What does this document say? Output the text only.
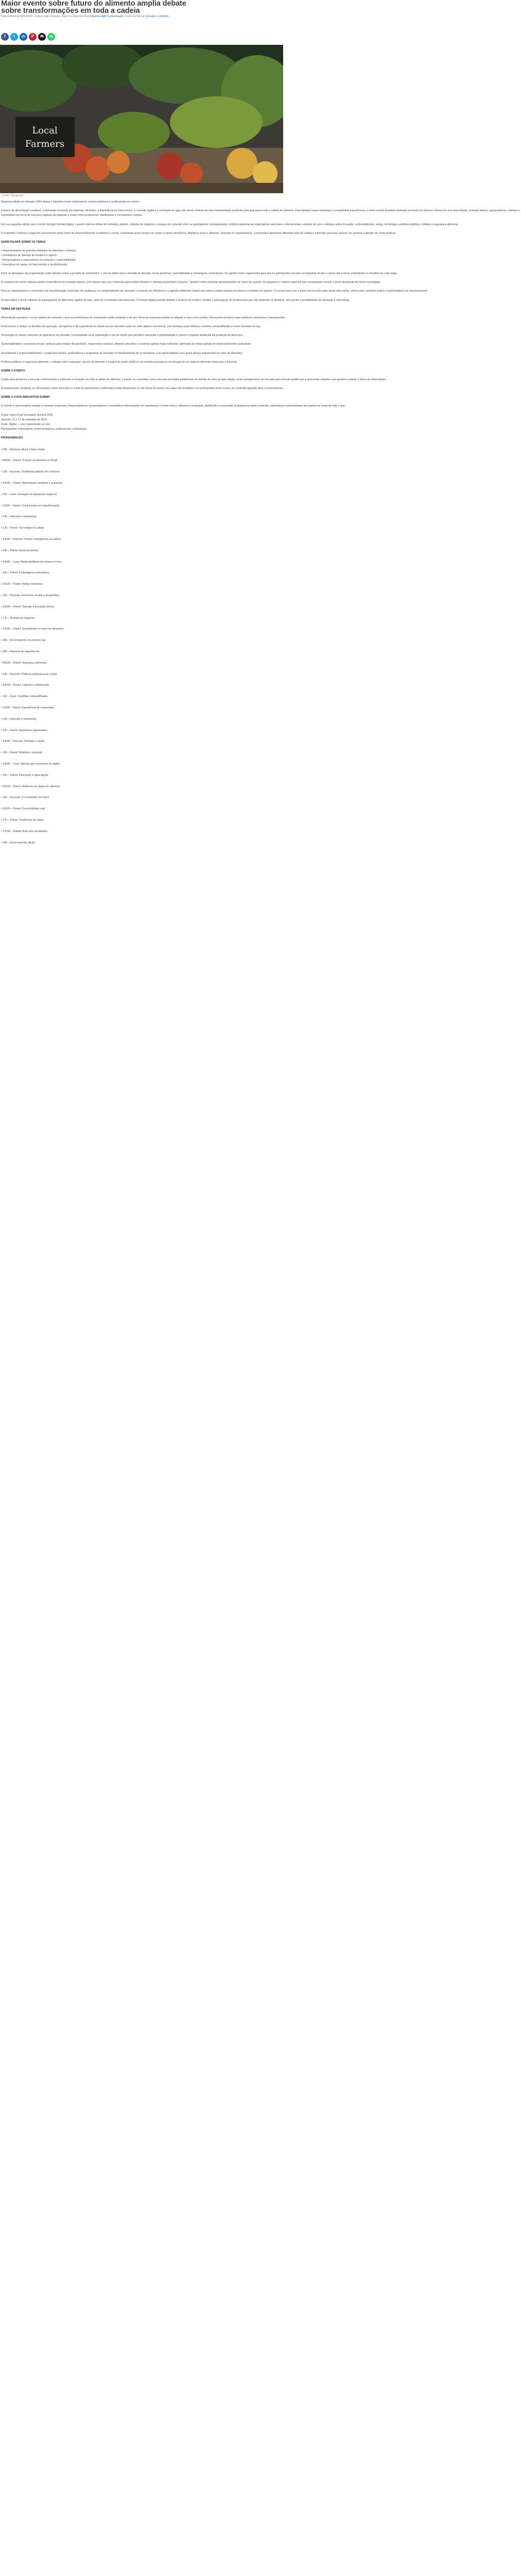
Maior evento sobre futuro do alimento amplia debate
sobre transformações em toda a cadeia
Data da Notícia 28/03/2024 • Sobre o Agro Notícias • Autor de Imprensa Mais Imprensa Agro Comunicação • Fonte da Notícia Consulte o conteúdo
f t in P ✉ w
Local
Farmers
Crédito: Divulgação

Segunda edição em formato 100% digital e interativo reúne empresários, empreendedores e profissionais em evento.

A busca de alimentação saudável, a demanda crescente por sistemas eficientes, a importância do food service, a conexão digital e a revolução do agro são temas centrais de uma transformação profunda pela qual passa toda a cadeia do alimento. Para debater essas mudanças e compartilhar experiências, o maior evento brasileiro dedicado ao futuro do alimento retorna em sua nova edição, reunindo líderes, pesquisadores, startups e investidores em torno de soluções capazes de impactar o modo como produzimos, distribuímos e consumimos comida.

Em sua segunda edição com o recém lançado formato digital, o evento oferece trilhas de conteúdo, painéis, rodadas de negócios e espaços de conexão entre os participantes. A programação combina palestras de especialistas nacionais e internacionais, estudos de caso e debates sobre inovação, sustentabilidade, varejo, tecnologia e políticas públicas voltadas à segurança alimentar.

O propósito é reforçar o papel do ecossistema como motor de desenvolvimento econômico e social, conectando quem produz no campo a quem transforma, distribui e serve o alimento. Segundo os organizadores, a proposta é aproximar diferentes elos da cadeia e estimular parcerias capazes de acelerar a adoção de novas práticas.

QUEM FALARÁ SOBRE OS TEMAS
• Representantes de grandes indústrias de alimentos e bebidas
• Fundadores de startups de foodtech e agtech
• Pesquisadores e especialistas em nutrição e sustentabilidade
• Executivos do varejo, do food service e da distribuição

Entre os destaques da programação estão debates sobre a jornada do consumidor, o uso de dados para a tomada de decisão, novas proteínas, rastreabilidade e embalagens sustentáveis. Os painéis foram organizados para que os participantes possam acompanhar desde o campo até a mesa, entendendo os desafios de cada etapa.

A curadoria do evento destaca ainda a importância da inovação aberta, com espaço para que empresas apresentem desafios e startups proponham soluções. Também estão previstas apresentações de cases de sucesso de pequenos e médios negócios que conseguiram crescer a partir da adoção de novas tecnologias.

Para os organizadores, o momento é de transformação acelerada. As mudanças no comportamento de consumo, a pressão por eficiência e a agenda ambiental exigem que toda a cadeia repense processos e modelos de negócio. O evento busca ser o ponto de encontro para essas discussões, oferecendo conteúdo prático e oportunidades de relacionamento.

A expectativa é reunir milhares de participantes de diferentes regiões do país, além de convidados internacionais. O formato digital permite ampliar o alcance do evento e facilitar a participação de profissionais que não poderiam se deslocar, sem perder a possibilidade de interação e networking.

TEMAS EM DESTAQUE

Alimentação saudável e novos hábitos de consumo: como as preferências do consumidor estão mudando e de que forma as empresas podem se adaptar a esse novo cenário, oferecendo produtos mais nutritivos, acessíveis e transparentes.

Food service e varejo: os desafios da operação, da logística e da experiência do cliente em um mercado cada vez mais digital e omnicanal, com destaque para delivery, cozinhas compartilhadas e novos formatos de loja.

Tecnologia no campo: soluções de agricultura de precisão, conectividade rural, automação e uso de dados que permitem aumentar a produtividade e reduzir o impacto ambiental da produção de alimentos.

Sustentabilidade e economia circular: práticas para reduzir desperdícios, reaproveitar resíduos, diminuir emissões e construir cadeias mais resilientes, alinhadas às metas globais de desenvolvimento sustentável.

Investimento e empreendedorismo: o papel dos fundos, aceleradoras e programas de inovação no fortalecimento do ecossistema, e as oportunidades para quem deseja empreender no setor de alimentos.

Políticas públicas e segurança alimentar: o debate sobre regulação, acesso ao alimento e o papel do poder público e da iniciativa privada na construção de um sistema alimentar mais justo e eficiente.

SOBRE O EVENTO

Criado para promover a troca de conhecimento e estimular a inovação em toda a cadeia do alimento, o evento se consolidou como uma das principais plataformas de debate do setor. A cada edição, reúne protagonistas do mercado para discutir tendências e apresentar soluções que ajudam a moldar o futuro da alimentação.

A programação completa, as informações sobre inscrições e a lista de palestrantes confirmados estão disponíveis no site oficial do evento. As vagas são limitadas e os participantes terão acesso ao conteúdo gravado após o encerramento.

SOBRE O FOOD INNOVATION SUMMIT

O evento é uma iniciativa voltada a conectar empresas, empreendedores, pesquisadores e investidores interessados em transformar a forma como o alimento é produzido, distribuído e consumido. A plataforma reúne conteúdo, networking e oportunidades de negócio ao longo de todo o ano.

O quê: Open Food Innovation Summit 2024
Quando: 16 e 17 de setembro de 2024
Onde: Digital — com transmissão ao vivo
Participantes: empresários, empreendedores, profissionais e estudantes
PROGRAMAÇÃO
• 09h – Abertura oficial e boas-vindas
• 09h30 – Painel: O futuro do alimento no Brasil
• 10h – Keynote: Tendências globais de consumo
• 10h30 – Painel: Alimentação saudável e acessível
• 11h – Case: Inovação em pequenos negócios
• 11h30 – Painel: Food service em transformação
• 12h – Intervalo e networking
• 13h – Painel: Tecnologia no campo
• 13h30 – Keynote: Dados e inteligência na cadeia
• 14h – Painel: Novas proteínas
• 14h30 – Case: Rastreabilidade do campo à mesa
• 15h – Painel: Embalagens sustentáveis
• 15h30 – Painel: Varejo omnicanal
• 16h – Keynote: Economia circular e desperdício
• 16h30 – Painel: Startups e inovação aberta
• 17h – Rodada de negócios
• 17h30 – Painel: Investimento no setor de alimentos
• 18h – Encerramento do primeiro dia
• 09h – Abertura do segundo dia
• 09h30 – Painel: Segurança alimentar
• 10h – Keynote: Políticas públicas para o setor
• 10h30 – Painel: Logística e distribuição
• 11h – Case: Cozinhas compartilhadas
• 11h30 – Painel: Experiência do consumidor
• 12h – Intervalo e networking
• 13h – Painel: Agricultura regenerativa
• 13h30 – Keynote: Nutrição e saúde
• 14h – Painel: Bebidas e inovação
• 14h30 – Case: Marcas que cresceram no digital
• 15h – Painel: Educação e capacitação
• 15h30 – Painel: Mulheres na cadeia do alimento
• 16h – Keynote: O consumidor do futuro
• 16h30 – Painel: Conectividade rural
• 17h – Painel: Tendências de sabor
• 17h30 – Debate final com convidados
• 18h – Encerramento oficial
